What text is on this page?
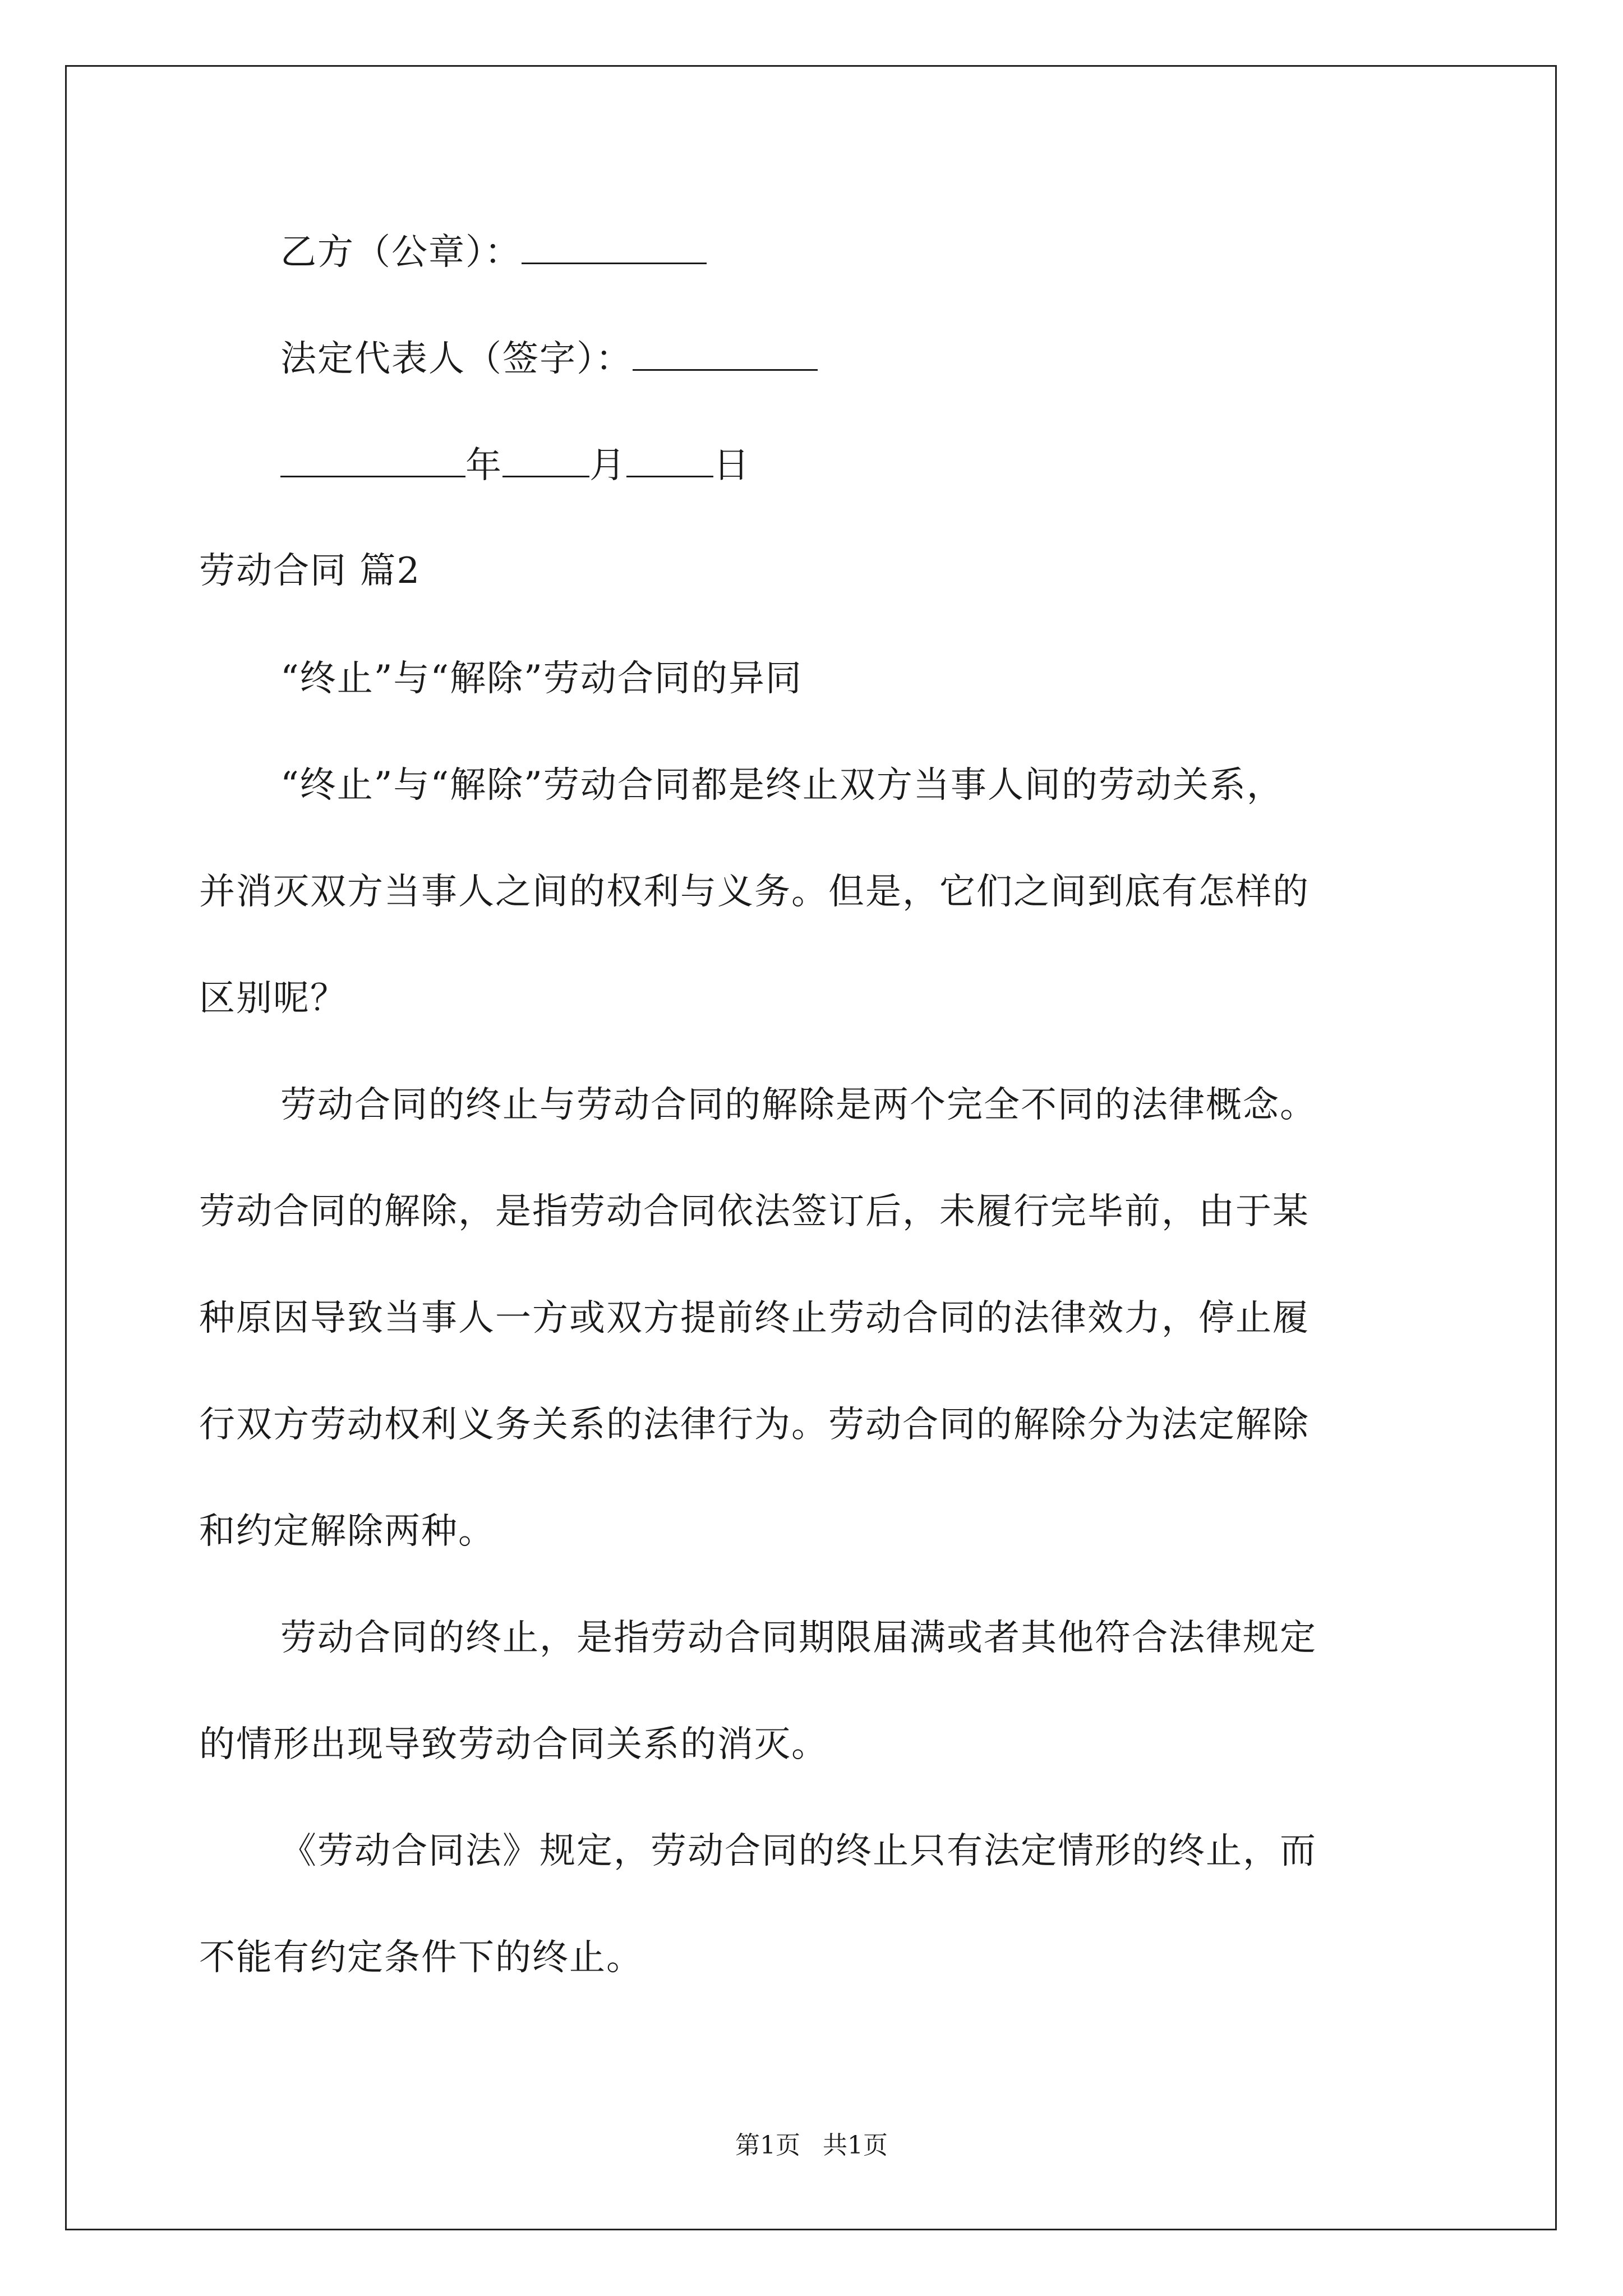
乙方（公章）：
法定代表人（签字）：
年 月 日
劳动合同 篇2
“终止”与“解除”劳动合同的异同
“终止”与“解除”劳动合同都是终止双方当事人间的劳动关系，
并消灭双方当事人之间的权利与义务。但是，它们之间到底有怎样的
区别呢？
劳动合同的终止与劳动合同的解除是两个完全不同的法律概念。
劳动合同的解除，是指劳动合同依法签订后，未履行完毕前，由于某
种原因导致当事人一方或双方提前终止劳动合同的法律效力，停止履
行双方劳动权利义务关系的法律行为。劳动合同的解除分为法定解除
和约定解除两种。
劳动合同的终止，是指劳动合同期限届满或者其他符合法律规定
的情形出现导致劳动合同关系的消灭。
《劳动合同法》规定，劳动合同的终止只有法定情形的终止，而
不能有约定条件下的终止。
第1页 共1页
